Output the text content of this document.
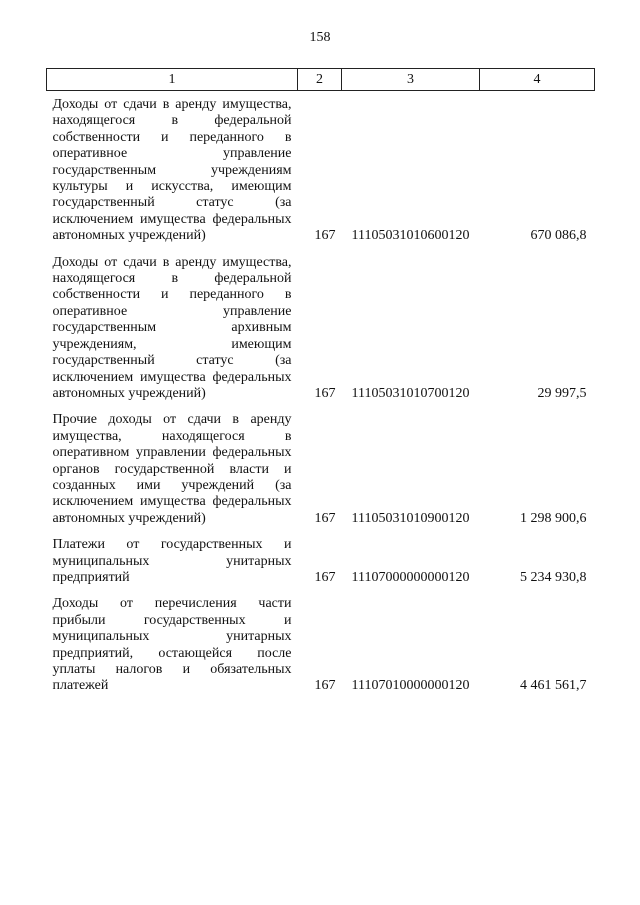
158
1	2	3	4
Доходы от сдачи в аренду имущества, находящегося в федеральной собственности и переданного в оперативное управление государственным учреждениям культуры и искусства, имеющим государственный статус (за исключением имущества федеральных автономных учреждений)	167	11105031010600120	670 086,8
Доходы от сдачи в аренду имущества, находящегося в федеральной собственности и переданного в оперативное управление государственным архивным учреждениям, имеющим государственный статус (за исключением имущества федеральных автономных учреждений)	167	11105031010700120	29 997,5
Прочие доходы от сдачи в аренду имущества, находящегося в оперативном управлении федеральных органов государственной власти и созданных ими учреждений (за исключением имущества федеральных автономных учреждений)	167	11105031010900120	1 298 900,6
Платежи от государственных и муниципальных унитарных предприятий	167	11107000000000120	5 234 930,8
Доходы от перечисления части прибыли государственных и муниципальных унитарных предприятий, остающейся после уплаты налогов и обязательных платежей	167	11107010000000120	4 461 561,7
